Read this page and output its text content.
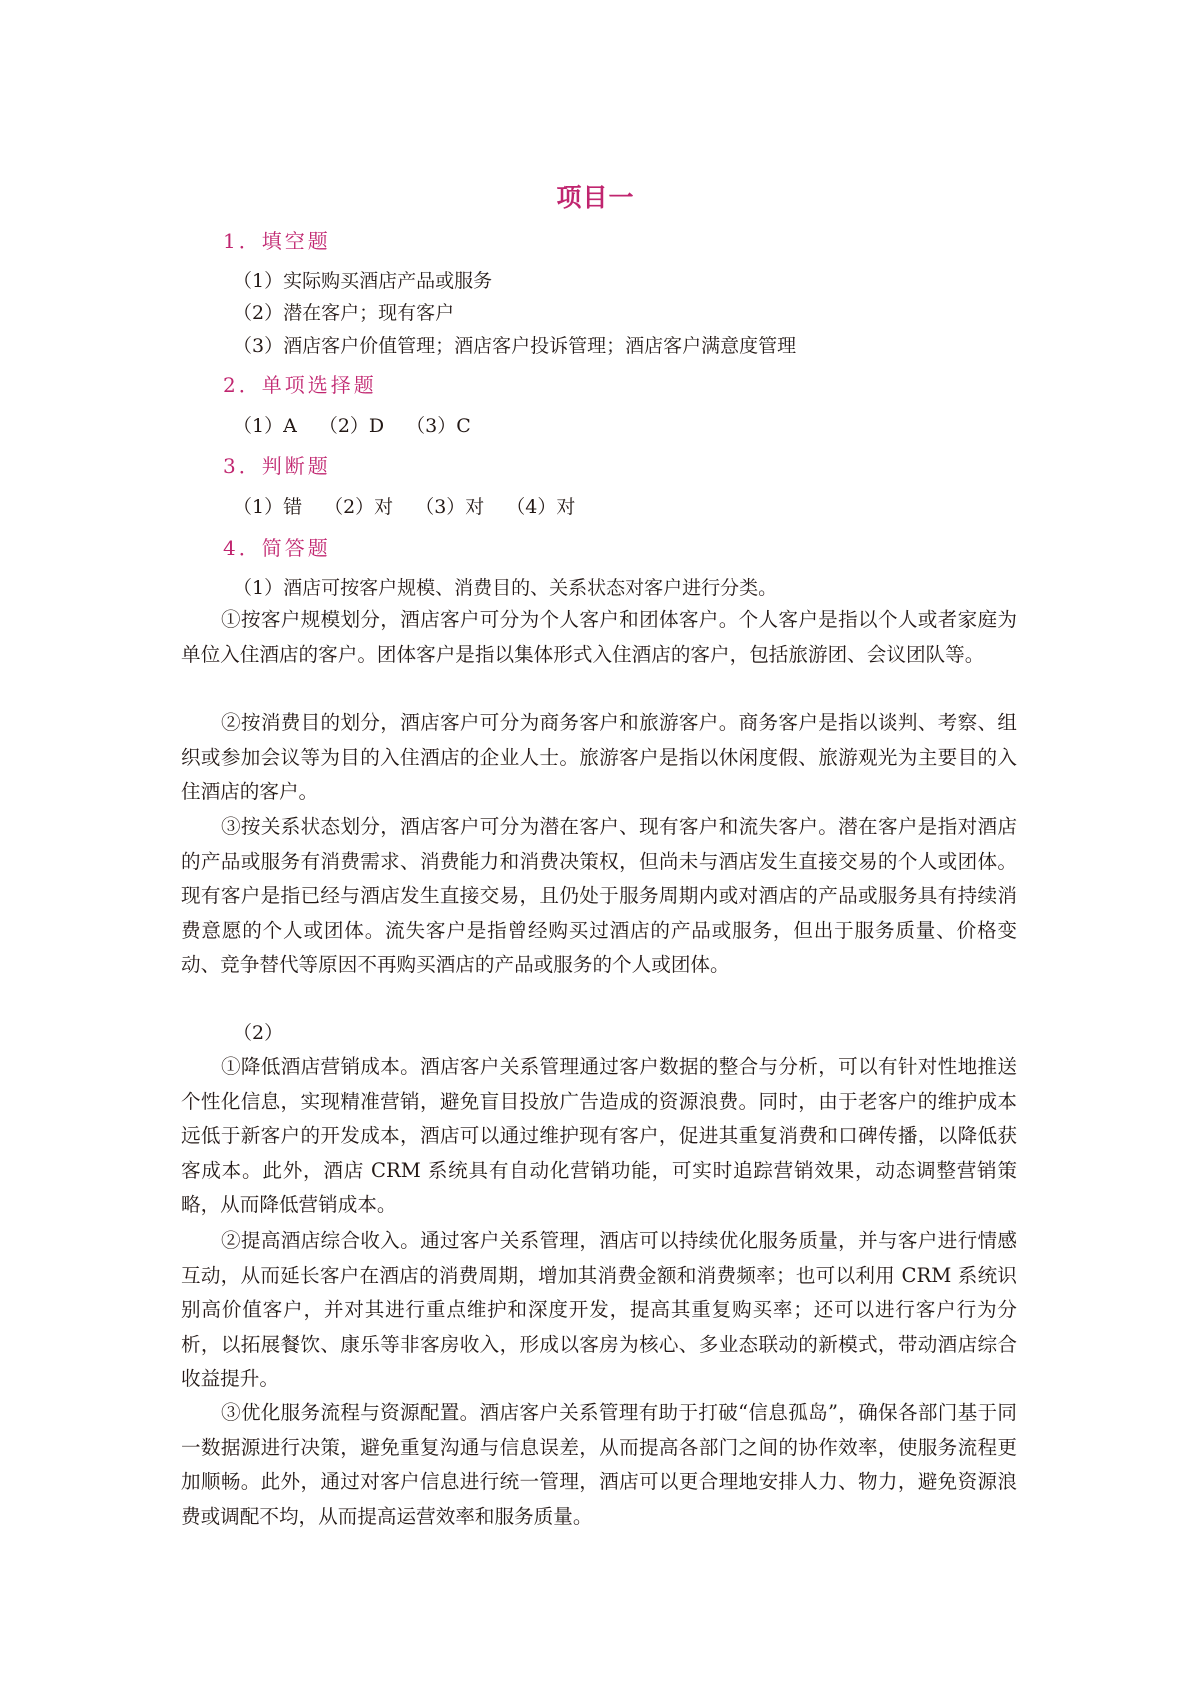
项目一

1．填空题

（1）实际购买酒店产品或服务

（2）潜在客户；现有客户

（3）酒店客户价值管理；酒店客户投诉管理；酒店客户满意度管理

2．单项选择题

（1）A （2）D （3）C

3．判断题

（1）错 （2）对 （3）对 （4）对

4．简答题

（1）酒店可按客户规模、消费目的、关系状态对客户进行分类。

①按客户规模划分，酒店客户可分为个人客户和团体客户。个人客户是指以个人或者家庭为单位入住酒店的客户。团体客户是指以集体形式入住酒店的客户，包括旅游团、会议团队等。

②按消费目的划分，酒店客户可分为商务客户和旅游客户。商务客户是指以谈判、考察、组织或参加会议等为目的入住酒店的企业人士。旅游客户是指以休闲度假、旅游观光为主要目的入住酒店的客户。

③按关系状态划分，酒店客户可分为潜在客户、现有客户和流失客户。潜在客户是指对酒店的产品或服务有消费需求、消费能力和消费决策权，但尚未与酒店发生直接交易的个人或团体。现有客户是指已经与酒店发生直接交易，且仍处于服务周期内或对酒店的产品或服务具有持续消费意愿的个人或团体。流失客户是指曾经购买过酒店的产品或服务，但出于服务质量、价格变动、竞争替代等原因不再购买酒店的产品或服务的个人或团体。

（2）

①降低酒店营销成本。酒店客户关系管理通过客户数据的整合与分析，可以有针对性地推送个性化信息，实现精准营销，避免盲目投放广告造成的资源浪费。同时，由于老客户的维护成本远低于新客户的开发成本，酒店可以通过维护现有客户，促进其重复消费和口碑传播，以降低获客成本。此外，酒店 CRM 系统具有自动化营销功能，可实时追踪营销效果，动态调整营销策略，从而降低营销成本。

②提高酒店综合收入。通过客户关系管理，酒店可以持续优化服务质量，并与客户进行情感互动，从而延长客户在酒店的消费周期，增加其消费金额和消费频率；也可以利用 CRM 系统识别高价值客户，并对其进行重点维护和深度开发，提高其重复购买率；还可以进行客户行为分析，以拓展餐饮、康乐等非客房收入，形成以客房为核心、多业态联动的新模式，带动酒店综合收益提升。

③优化服务流程与资源配置。酒店客户关系管理有助于打破“信息孤岛”，确保各部门基于同一数据源进行决策，避免重复沟通与信息误差，从而提高各部门之间的协作效率，使服务流程更加顺畅。此外，通过对客户信息进行统一管理，酒店可以更合理地安排人力、物力，避免资源浪费或调配不均，从而提高运营效率和服务质量。
